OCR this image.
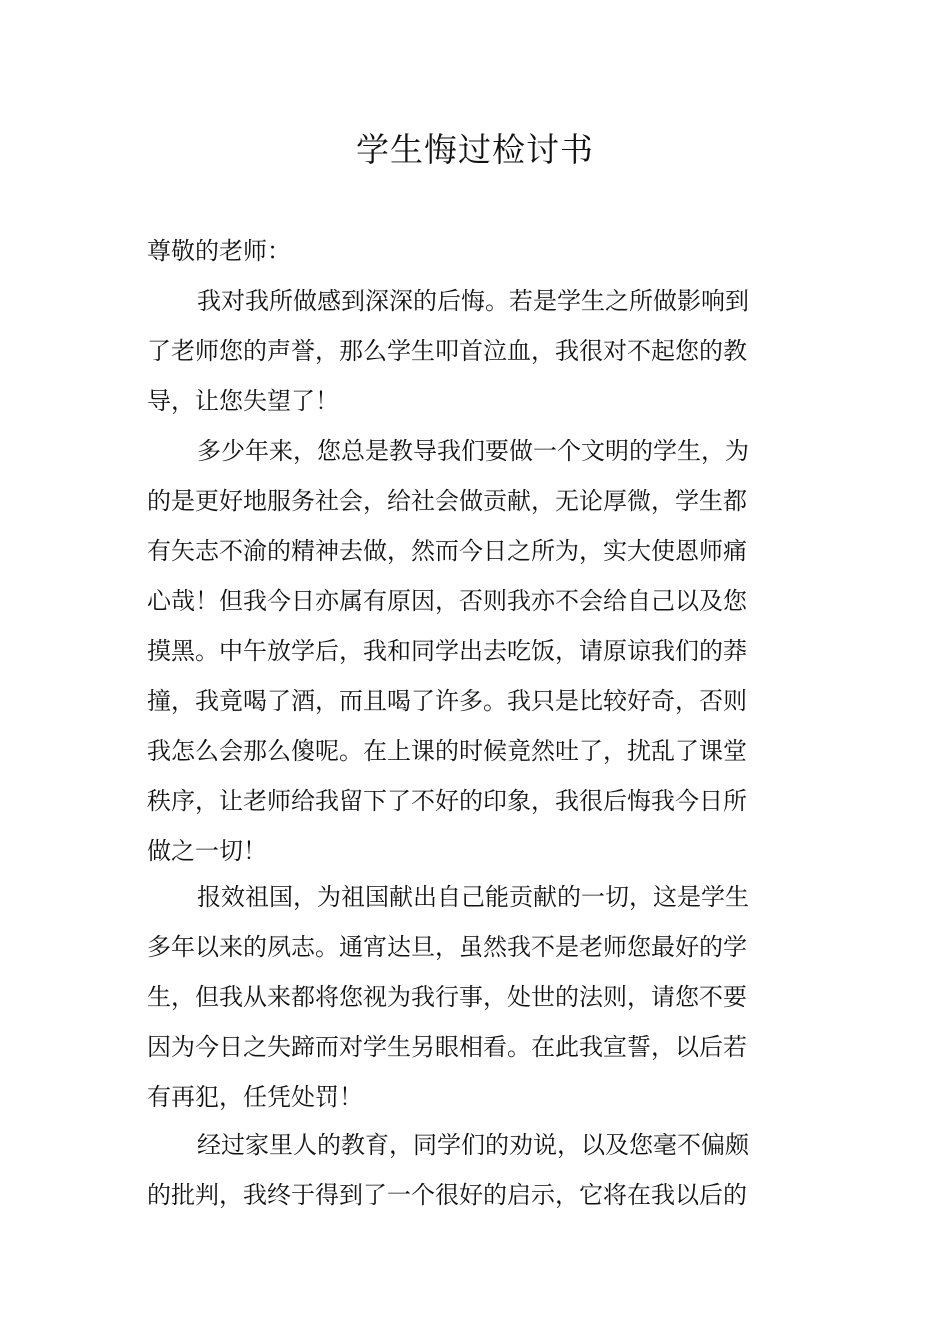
学生悔过检讨书
尊敬的老师：
我对我所做感到深深的后悔。若是学生之所做影响到
了老师您的声誉，那么学生叩首泣血，我很对不起您的教
导，让您失望了！
多少年来，您总是教导我们要做一个文明的学生，为
的是更好地服务社会，给社会做贡献，无论厚微，学生都
有矢志不渝的精神去做，然而今日之所为，实大使恩师痛
心哉！但我今日亦属有原因，否则我亦不会给自己以及您
摸黑。中午放学后，我和同学出去吃饭，请原谅我们的莽
撞，我竟喝了酒，而且喝了许多。我只是比较好奇，否则
我怎么会那么傻呢。在上课的时候竟然吐了，扰乱了课堂
秩序，让老师给我留下了不好的印象，我很后悔我今日所
做之一切！
报效祖国，为祖国献出自己能贡献的一切，这是学生
多年以来的夙志。通宵达旦，虽然我不是老师您最好的学
生，但我从来都将您视为我行事，处世的法则，请您不要
因为今日之失蹄而对学生另眼相看。在此我宣誓，以后若
有再犯，任凭处罚！
经过家里人的教育，同学们的劝说，以及您毫不偏颇
的批判，我终于得到了一个很好的启示，它将在我以后的
